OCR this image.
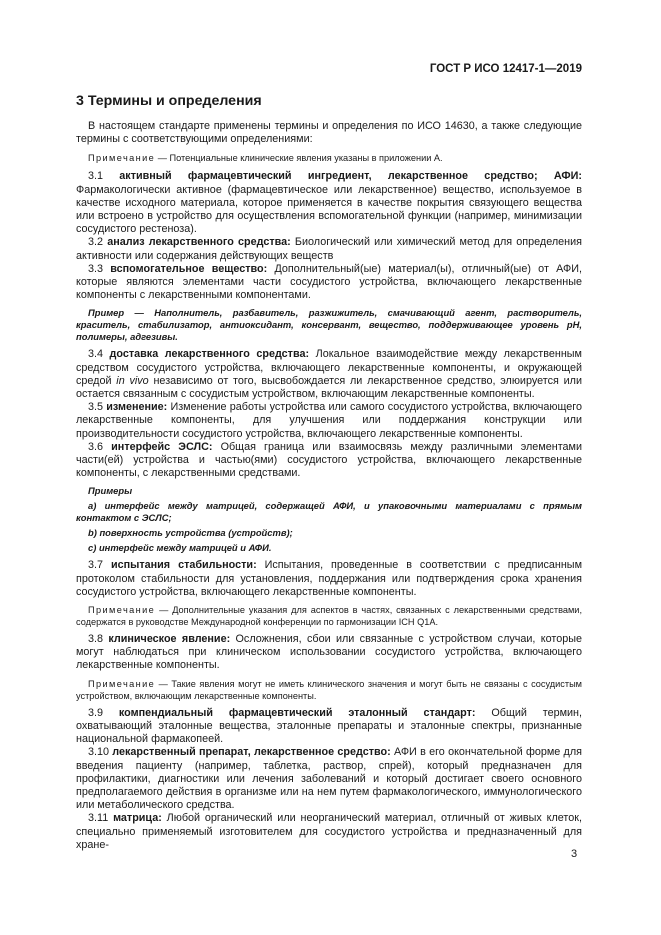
ГОСТ Р ИСО 12417-1—2019
3 Термины и определения

В настоящем стандарте применены термины и определения по ИСО 14630, а также следующие термины с соответствующими определениями:

Примечание — Потенциальные клинические явления указаны в приложении А.

3.1 активный фармацевтический ингредиент, лекарственное средство; АФИ: Фармакологически активное (фармацевтическое или лекарственное) вещество, используемое в качестве исходного материала, которое применяется в качестве покрытия связующего вещества или встроено в устройство для осуществления вспомогательной функции (например, минимизации сосудистого рестеноза).

3.2 анализ лекарственного средства: Биологический или химический метод для определения активности или содержания действующих веществ

3.3 вспомогательное вещество: Дополнительный(ые) материал(ы), отличный(ые) от АФИ, которые являются элементами части сосудистого устройства, включающего лекарственные компоненты с лекарственными компонентами.

Пример — Наполнитель, разбавитель, разжижитель, смачивающий агент, растворитель, краситель, стабилизатор, антиоксидант, консервант, вещество, поддерживающее уровень pH, полимеры, адгезивы.

3.4 доставка лекарственного средства: Локальное взаимодействие между лекарственным средством сосудистого устройства, включающего лекарственные компоненты, и окружающей средой in vivo независимо от того, высвобождается ли лекарственное средство, элюируется или остается связанным с сосудистым устройством, включающим лекарственные компоненты.

3.5 изменение: Изменение работы устройства или самого сосудистого устройства, включающего лекарственные компоненты, для улучшения или поддержания конструкции или производительности сосудистого устройства, включающего лекарственные компоненты.

3.6 интерфейс ЭСЛС: Общая граница или взаимосвязь между различными элементами части(ей) устройства и частью(ями) сосудистого устройства, включающего лекарственные компоненты, с лекарственными средствами.

Примеры

а) интерфейс между матрицей, содержащей АФИ, и упаковочными материалами с прямым контактом с ЭСЛС;

b) поверхность устройства (устройств);

с) интерфейс между матрицей и АФИ.

3.7 испытания стабильности: Испытания, проведенные в соответствии с предписанным протоколом стабильности для установления, поддержания или подтверждения срока хранения сосудистого устройства, включающего лекарственные компоненты.

Примечание — Дополнительные указания для аспектов в частях, связанных с лекарственными средствами, содержатся в руководстве Международной конференции по гармонизации ICH Q1A.

3.8 клиническое явление: Осложнения, сбои или связанные с устройством случаи, которые могут наблюдаться при клиническом использовании сосудистого устройства, включающего лекарственные компоненты.

Примечание — Такие явления могут не иметь клинического значения и могут быть не связаны с сосудистым устройством, включающим лекарственные компоненты.

3.9 компендиальный фармацевтический эталонный стандарт: Общий термин, охватывающий эталонные вещества, эталонные препараты и эталонные спектры, признанные национальной фармакопеей.

3.10 лекарственный препарат, лекарственное средство: АФИ в его окончательной форме для введения пациенту (например, таблетка, раствор, спрей), который предназначен для профилактики, диагностики или лечения заболеваний и который достигает своего основного предполагаемого действия в организме или на нем путем фармакологического, иммунологического или метаболического средства.

3.11 матрица: Любой органический или неорганический материал, отличный от живых клеток, специально применяемый изготовителем для сосудистого устройства и предназначенный для хране-

3
